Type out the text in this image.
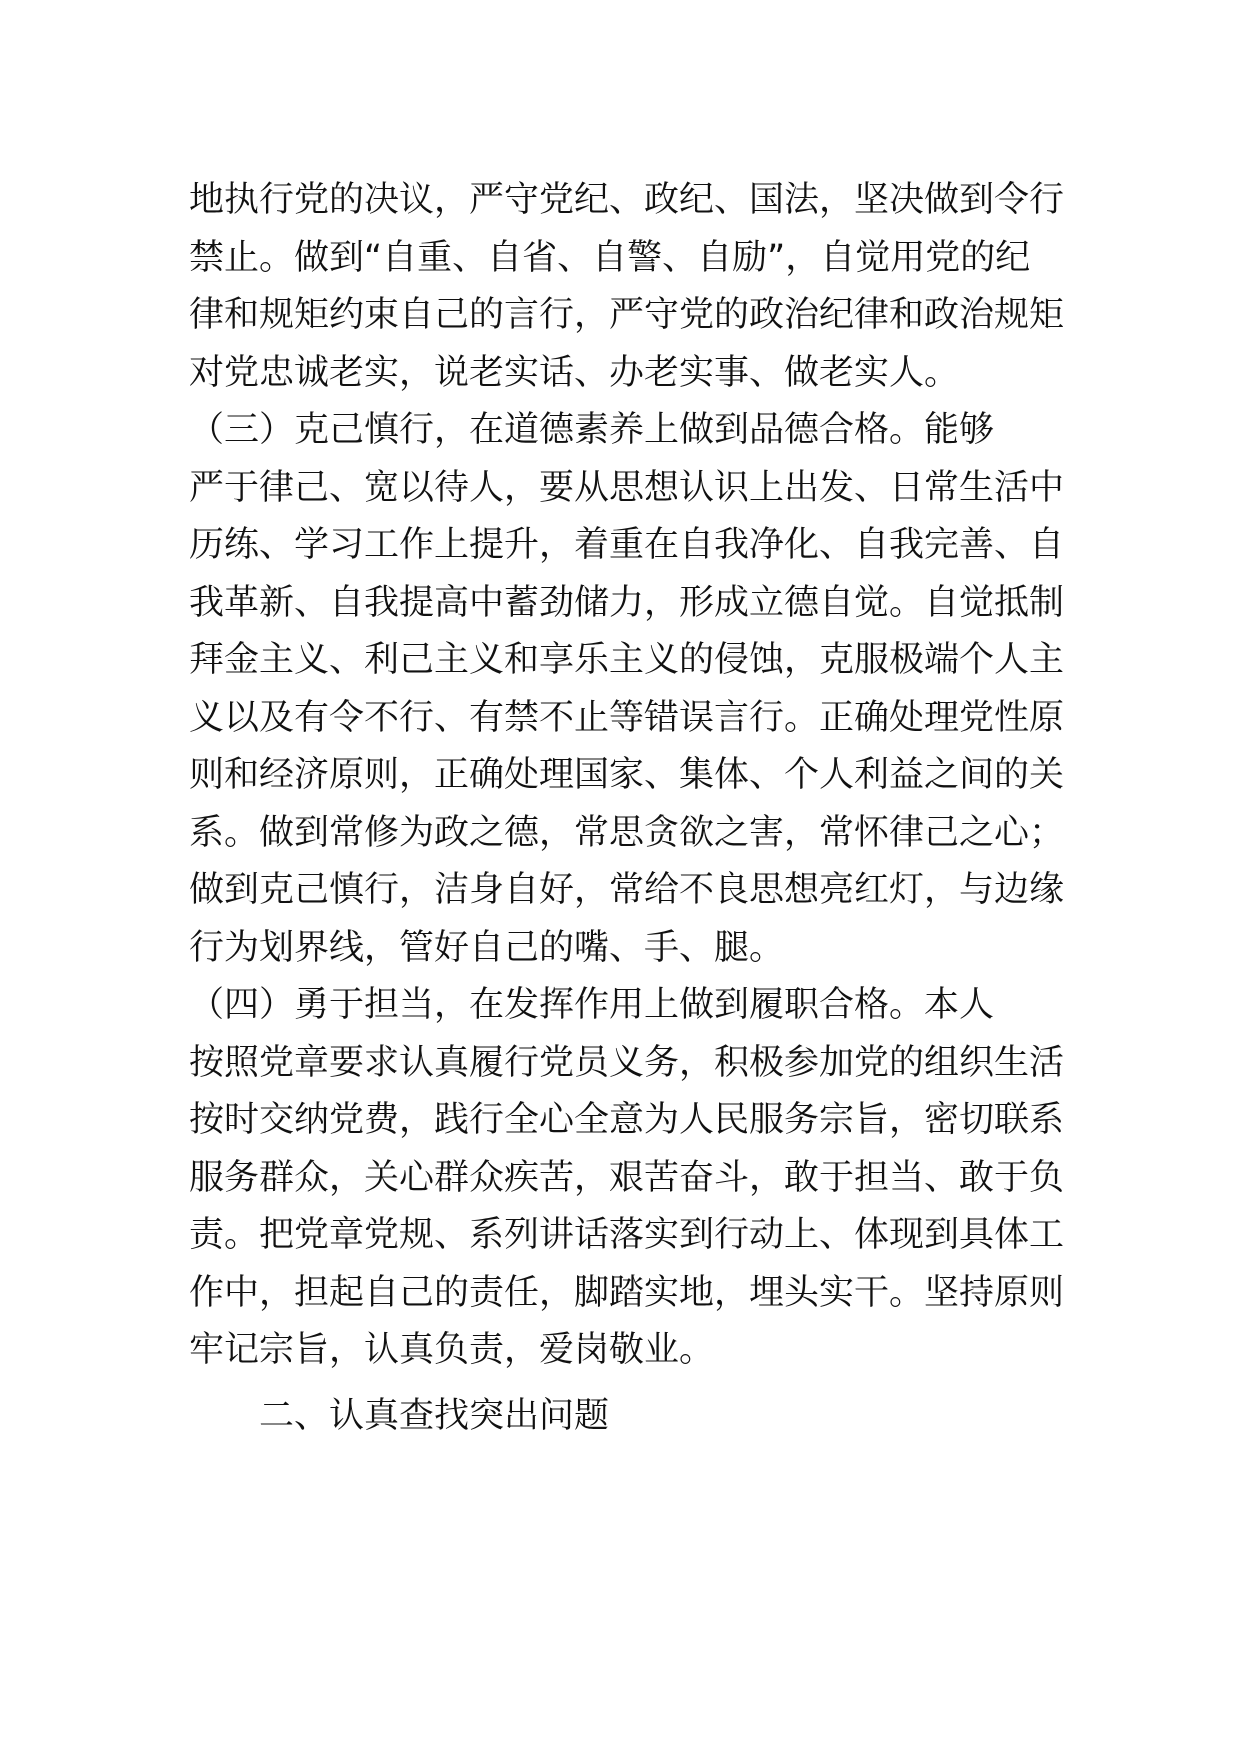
地执行党的决议，严守党纪、政纪、国法，坚决做到令行
禁止。做到“自重、自省、自警、自励”，自觉用党的纪
律和规矩约束自己的言行，严守党的政治纪律和政治规矩
对党忠诚老实，说老实话、办老实事、做老实人。
（三）克己慎行，在道德素养上做到品德合格。能够
严于律己、宽以待人，要从思想认识上出发、日常生活中
历练、学习工作上提升，着重在自我净化、自我完善、自
我革新、自我提高中蓄劲储力，形成立德自觉。自觉抵制
拜金主义、利己主义和享乐主义的侵蚀，克服极端个人主
义以及有令不行、有禁不止等错误言行。正确处理党性原
则和经济原则，正确处理国家、集体、个人利益之间的关
系。做到常修为政之德，常思贪欲之害，常怀律己之心；
做到克己慎行，洁身自好，常给不良思想亮红灯，与边缘
行为划界线，管好自己的嘴、手、腿。
（四）勇于担当，在发挥作用上做到履职合格。本人
按照党章要求认真履行党员义务，积极参加党的组织生活
按时交纳党费，践行全心全意为人民服务宗旨，密切联系
服务群众，关心群众疾苦，艰苦奋斗，敢于担当、敢于负
责。把党章党规、系列讲话落实到行动上、体现到具体工
作中，担起自己的责任，脚踏实地，埋头实干。坚持原则
牢记宗旨，认真负责，爱岗敬业。
二、认真查找突出问题
